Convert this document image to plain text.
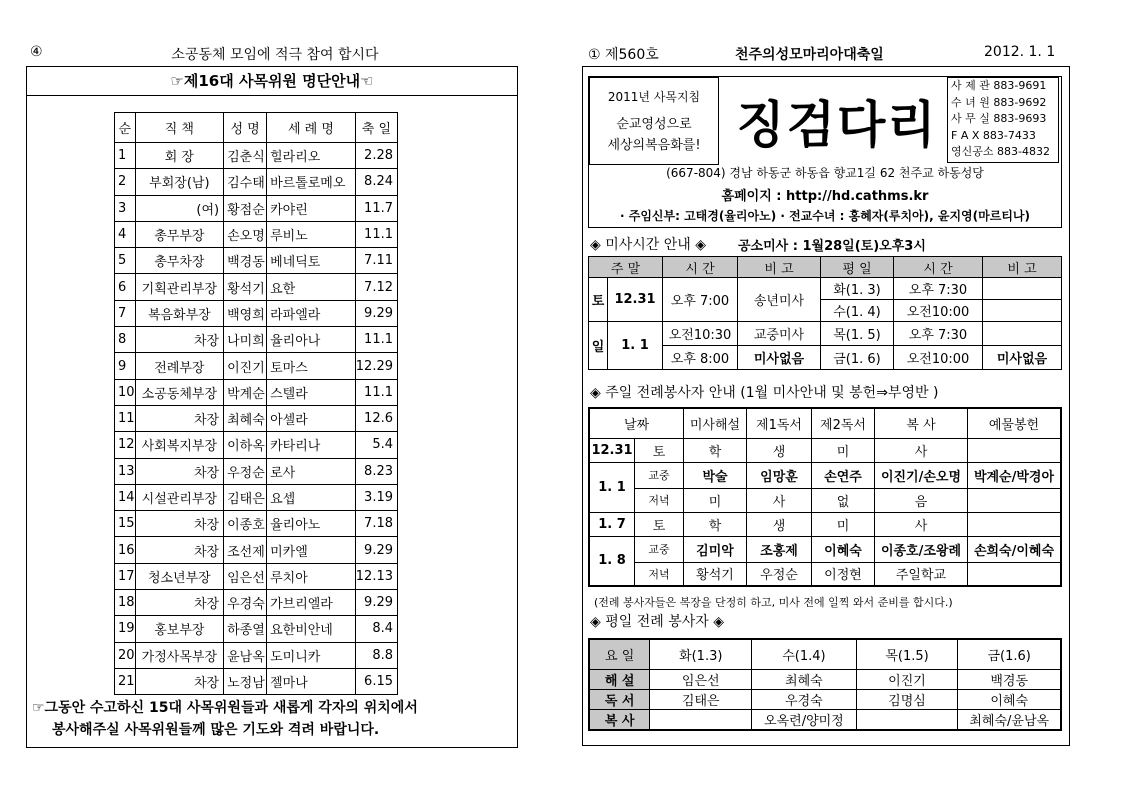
④	소공동체 모임에 적극 참여 합시다
☞제16대 사목위원 명단안내☜
순	직 책	성 명	세 례 명	축 일
1	회 장	김춘식	힐라리오	2.28
2	부회장(남)	김수태	바르톨로메오	8.24
3	(여)	황점순	카야린	11.7
4	총무부장	손오명	루비노	11.1
5	총무차장	백경동	베네딕토	7.11
6	기획관리부장	황석기	요한	7.12
7	복음화부장	백영희	라파엘라	9.29
8	차장	나미희	율리아나	11.1
9	전례부장	이진기	토마스	12.29
10	소공동체부장	박계순	스텔라	11.1
11	차장	최혜숙	아셀라	12.6
12	사회복지부장	이하옥	카타리나	5.4
13	차장	우정순	로사	8.23
14	시설관리부장	김태은	요셉	3.19
15	차장	이종호	율리아노	7.18
16	차장	조선제	미카엘	9.29
17	청소년부장	임은선	루치아	12.13
18	차장	우경숙	가브리엘라	9.29
19	홍보부장	하종열	요한비안네	8.4
20	가정사목부장	윤남옥	도미니카	8.8
21	차장	노정남	젤마나	6.15
☞그동안 수고하신 15대 사목위원들과 새롭게 각자의 위치에서
봉사해주실 사목위원들께 많은 기도와 격려 바랍니다.
① 제560호	천주의성모마리아대축일	2012. 1. 1
2011년 사목지침
순교영성으로
세상의복음화를! 징검다리
사 제 관 883-9691
수 녀 원 883-9692
사 무 실 883-9693
F A X 883-7433
영신공소 883-4832
(667-804) 경남 하동군 하동읍 향교1길 62 천주교 하동성당
홈페이지 : http://hd.cathms.kr
· 주임신부: 고태경(율리아노) · 전교수녀 : 홍혜자(루치아), 윤지영(마르티나)
◈ 미사시간 안내 ◈ 공소미사 : 1월28일(토)오후3시
주 말		시 간	비 고	평 일	시 간	비 고
토	12.31	오후 7:00	송년미사	화(1. 3)	오후 7:30	
				수(1. 4)	오전10:00	
일	1. 1	오전10:30	교중미사	목(1. 5)	오후 7:30	
		오후 8:00	미사없음	금(1. 6)	오전10:00	미사없음
◈ 주일 전례봉사자 안내 (1월 미사안내 및 봉헌⇒부영반 )
날짜		미사해설	제1독서	제2독서	복 사	예물봉헌
12.31	토	학	생	미	사	
1. 1	교중	박술	임망훈	손연주	이진기/손오명	박계순/박경아
	저녁	미	사	없	음	
1. 7	토	학	생	미	사	
1. 8	교중	김미악	조홍제	이혜숙	이종호/조왕례	손희숙/이혜숙
	저녁	황석기	우정순	이정현	주일학교	
(전례 봉사자들은 복장을 단정히 하고, 미사 전에 일찍 와서 준비를 합시다.)
◈ 평일 전례 봉사자 ◈
요 일	화(1.3)	수(1.4)	목(1.5)	금(1.6)
해 설	임은선	최혜숙	이진기	백경동
독 서	김태은	우경숙	김명심	이혜숙
복 사		오옥련/양미정		최혜숙/윤남옥
